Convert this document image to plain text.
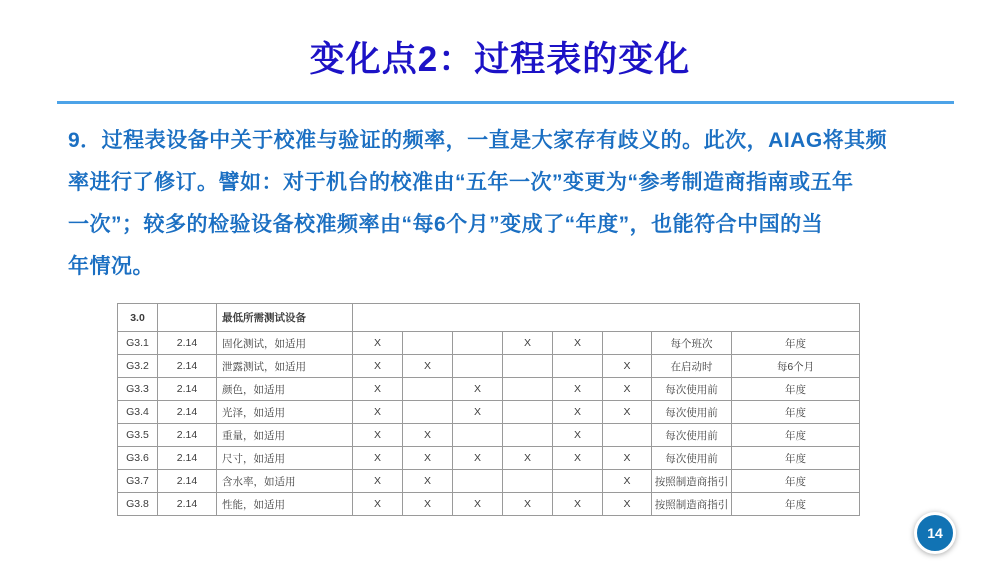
变化点2：过程表的变化
9．过程表设备中关于校准与验证的频率，一直是大家存有歧义的。此次，AIAG将其频
率进行了修订。譬如：对于机台的校准由“五年一次”变更为“参考制造商指南或五年
一次”；较多的检验设备校准频率由“每6个月”变成了“年度”，也能符合中国的当
年情况。
3.0		最低所需测试设备								
G3.1	2.14	固化测试，如适用	X			X	X		每个班次	年度
G3.2	2.14	泄露测试，如适用	X	X				X	在启动时	每6个月
G3.3	2.14	颜色，如适用	X		X		X	X	每次使用前	年度
G3.4	2.14	光泽，如适用	X		X		X	X	每次使用前	年度
G3.5	2.14	重量，如适用	X	X			X		每次使用前	年度
G3.6	2.14	尺寸，如适用	X	X	X	X	X	X	每次使用前	年度
G3.7	2.14	含水率，如适用	X	X				X	按照制造商指引	年度
G3.8	2.14	性能，如适用	X	X	X	X	X	X	按照制造商指引	年度
14
